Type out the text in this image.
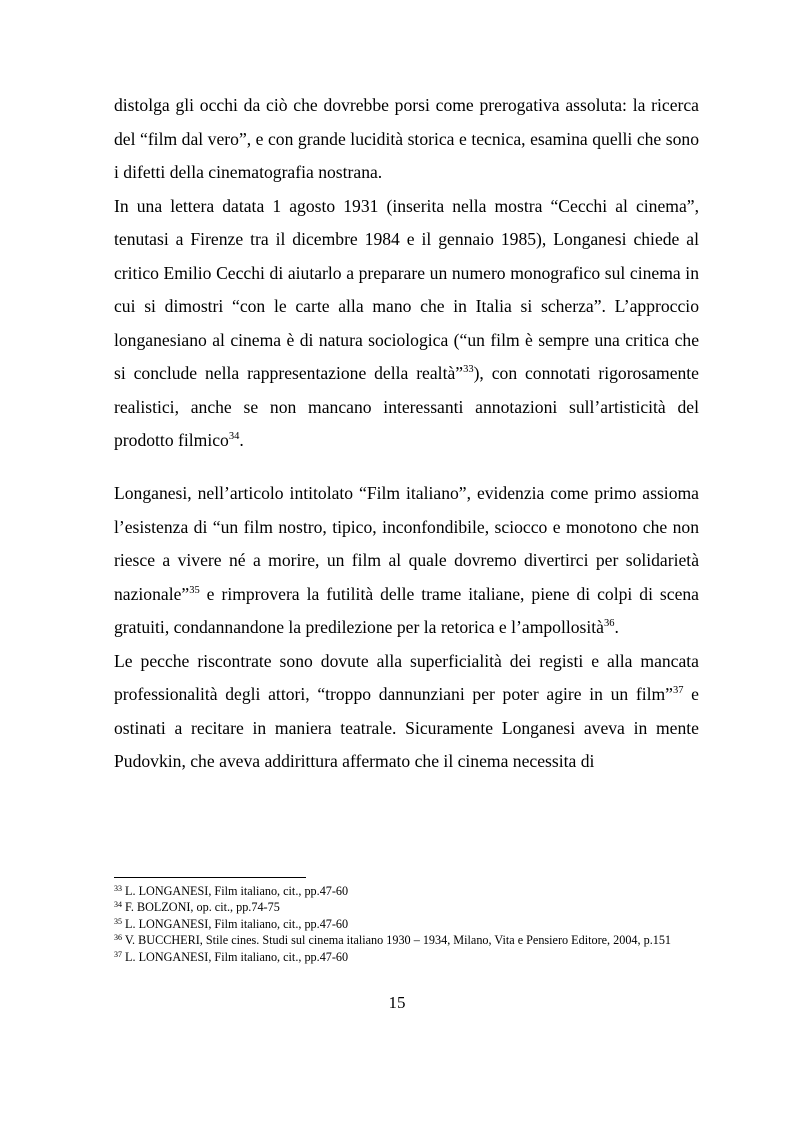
distolga gli occhi da ciò che dovrebbe porsi come prerogativa assoluta: la ricerca del “film dal vero”, e con grande lucidità storica e tecnica, esamina quelli che sono i difetti della cinematografia nostrana.

In una lettera datata 1 agosto 1931 (inserita nella mostra “Cecchi al cinema”, tenutasi a Firenze tra il dicembre 1984 e il gennaio 1985), Longanesi chiede al critico Emilio Cecchi di aiutarlo a preparare un numero monografico sul cinema in cui si dimostri “con le carte alla mano che in Italia si scherza”. L’approccio longanesiano al cinema è di natura sociologica (“un film è sempre una critica che si conclude nella rappresentazione della realtà”$^{33}$), con connotati rigorosamente realistici, anche se non mancano interessanti annotazioni sull’artisticità del prodotto filmico$^{34}$.

Longanesi, nell’articolo intitolato “Film italiano”, evidenzia come primo assioma l’esistenza di “un film nostro, tipico, inconfondibile, sciocco e monotono che non riesce a vivere né a morire, un film al quale dovremo divertirci per solidarietà nazionale”$^{35}$ e rimprovera la futilità delle trame italiane, piene di colpi di scena gratuiti, condannandone la predilezione per la retorica e l’ampollosità$^{36}$.

Le pecche riscontrate sono dovute alla superficialità dei registi e alla mancata professionalità degli attori, “troppo dannunziani per poter agire in un film”$^{37}$ e ostinati a recitare in maniera teatrale. Sicuramente Longanesi aveva in mente Pudovkin, che aveva addirittura affermato che il cinema necessita di

$^{33}$ L. LONGANESI, Film italiano, cit., pp.47-60

$^{34}$ F. BOLZONI, op. cit., pp.74-75

$^{35}$ L. LONGANESI, Film italiano, cit., pp.47-60

$^{36}$ V. BUCCHERI, Stile cines. Studi sul cinema italiano 1930 – 1934, Milano, Vita e Pensiero Editore, 2004, p.151

$^{37}$ L. LONGANESI, Film italiano, cit., pp.47-60

15
